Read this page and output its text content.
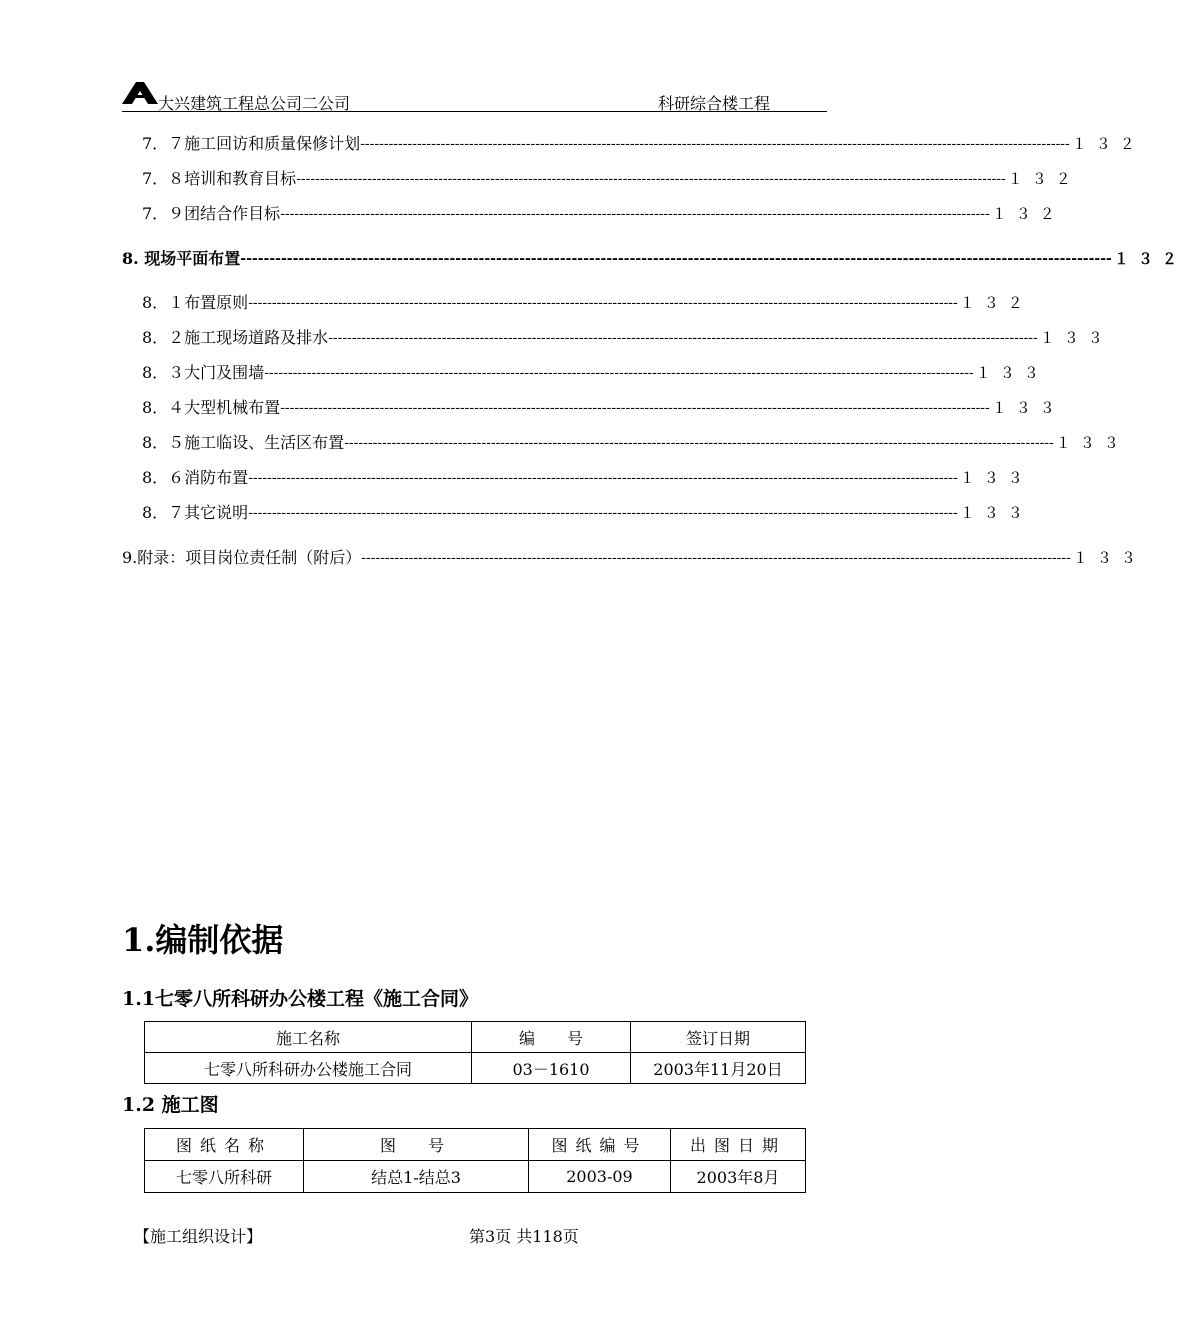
大兴建筑工程总公司二公司	科研综合楼工程
7．７施工回访和质量保修计划 ------------------------------------------------------------------------------------------------------------------------------------------------------ １３２
7．８培训和教育目标 ------------------------------------------------------------------------------------------------------------------------------------------------------ １３２
7．９团结合作目标 ------------------------------------------------------------------------------------------------------------------------------------------------------ １３２
8. 现场平面布置 ------------------------------------------------------------------------------------------------------------------------------------------------------ １３２
8．１布置原则 ------------------------------------------------------------------------------------------------------------------------------------------------------ １３２
8．２施工现场道路及排水 ------------------------------------------------------------------------------------------------------------------------------------------------------ １３３
8．３大门及围墙 ------------------------------------------------------------------------------------------------------------------------------------------------------ １３３
8．４大型机械布置 ------------------------------------------------------------------------------------------------------------------------------------------------------ １３３
8．５施工临设、生活区布置 ------------------------------------------------------------------------------------------------------------------------------------------------------ １３３
8．６消防布置 ------------------------------------------------------------------------------------------------------------------------------------------------------ １３３
8．７其它说明 ------------------------------------------------------------------------------------------------------------------------------------------------------ １３３
9.附录：项目岗位责任制（附后） ------------------------------------------------------------------------------------------------------------------------------------------------------ １３３
1.编制依据
1.1七零八所科研办公楼工程《施工合同》
施工名称	编　　号	签订日期
七零八所科研办公楼施工合同	03－1610	2003年11月20日
1.2 施工图
图纸名称	图　号	图纸编号	出图日期
七零八所科研	结总1-结总3	2003-09	2003年8月
【施工组织设计】	第3页 共118页
